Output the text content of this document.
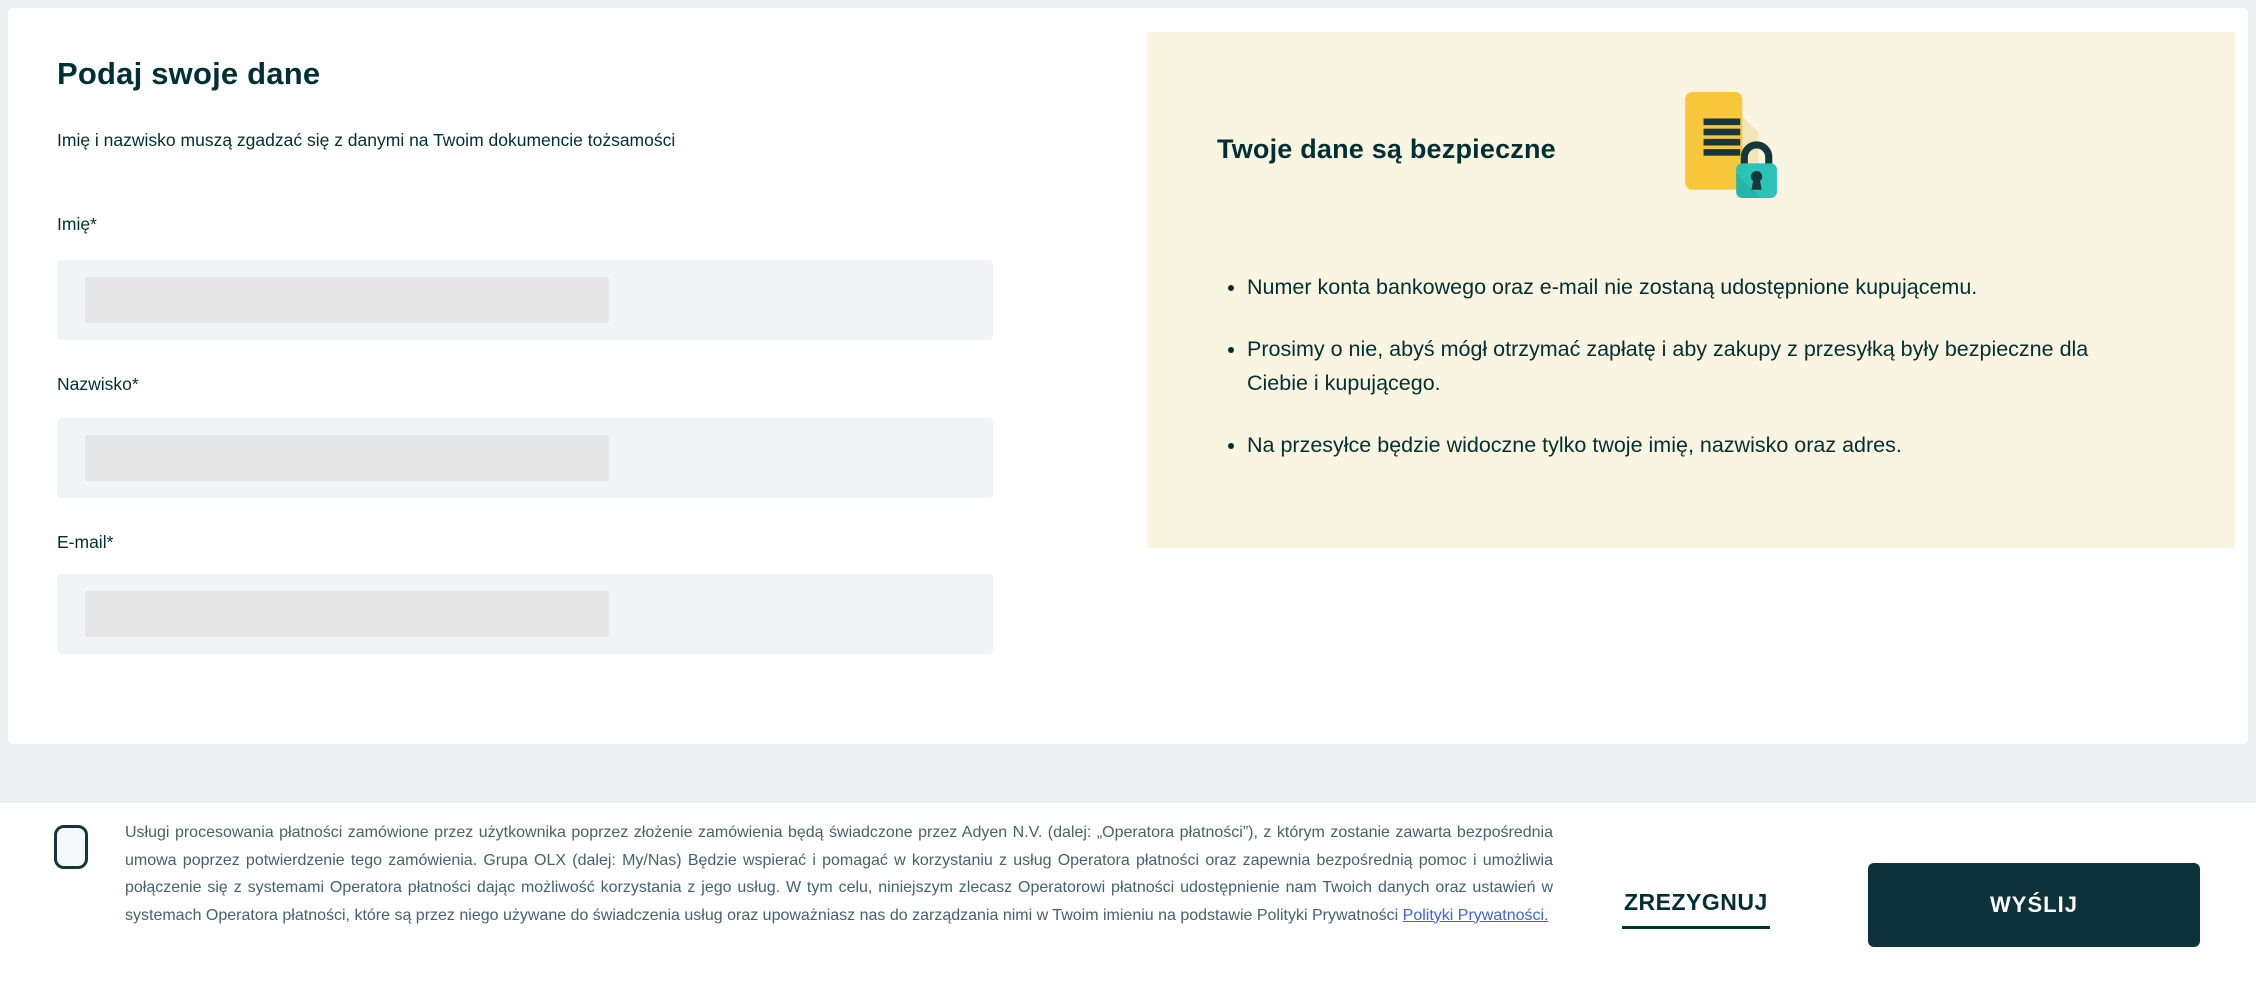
Podaj swoje dane

Imię i nazwisko muszą zgadzać się z danymi na Twoim dokumencie tożsamości

Imię*
Nazwisko*
E-mail*
Twoje dane są bezpieczne
• Numer konta bankowego oraz e-mail nie zostaną udostępnione kupującemu.
• Prosimy o nie, abyś mógł otrzymać zapłatę i aby zakupy z przesyłką były bezpieczne dla Ciebie i kupującego.
• Na przesyłce będzie widoczne tylko twoje imię, nazwisko oraz adres.

Usługi procesowania płatności zamówione przez użytkownika poprzez złożenie zamówienia będą świadczone przez Adyen N.V. (dalej: „Operatora płatności”), z którym zostanie zawarta bezpośrednia umowa poprzez potwierdzenie tego zamówienia. Grupa OLX (dalej: My/Nas) Będzie wspierać i pomagać w korzystaniu z usług Operatora płatności oraz zapewnia bezpośrednią pomoc i umożliwia połączenie się z systemami Operatora płatności dając możliwość korzystania z jego usług. W tym celu, niniejszym zlecasz Operatorowi płatności udostępnienie nam Twoich danych oraz ustawień w systemach Operatora płatności, które są przez niego używane do świadczenia usług oraz upoważniasz nas do zarządzania nimi w Twoim imieniu na podstawie Polityki Prywatności Polityki Prywatności.	ZREZYGNUJ	WYŚLIJ
